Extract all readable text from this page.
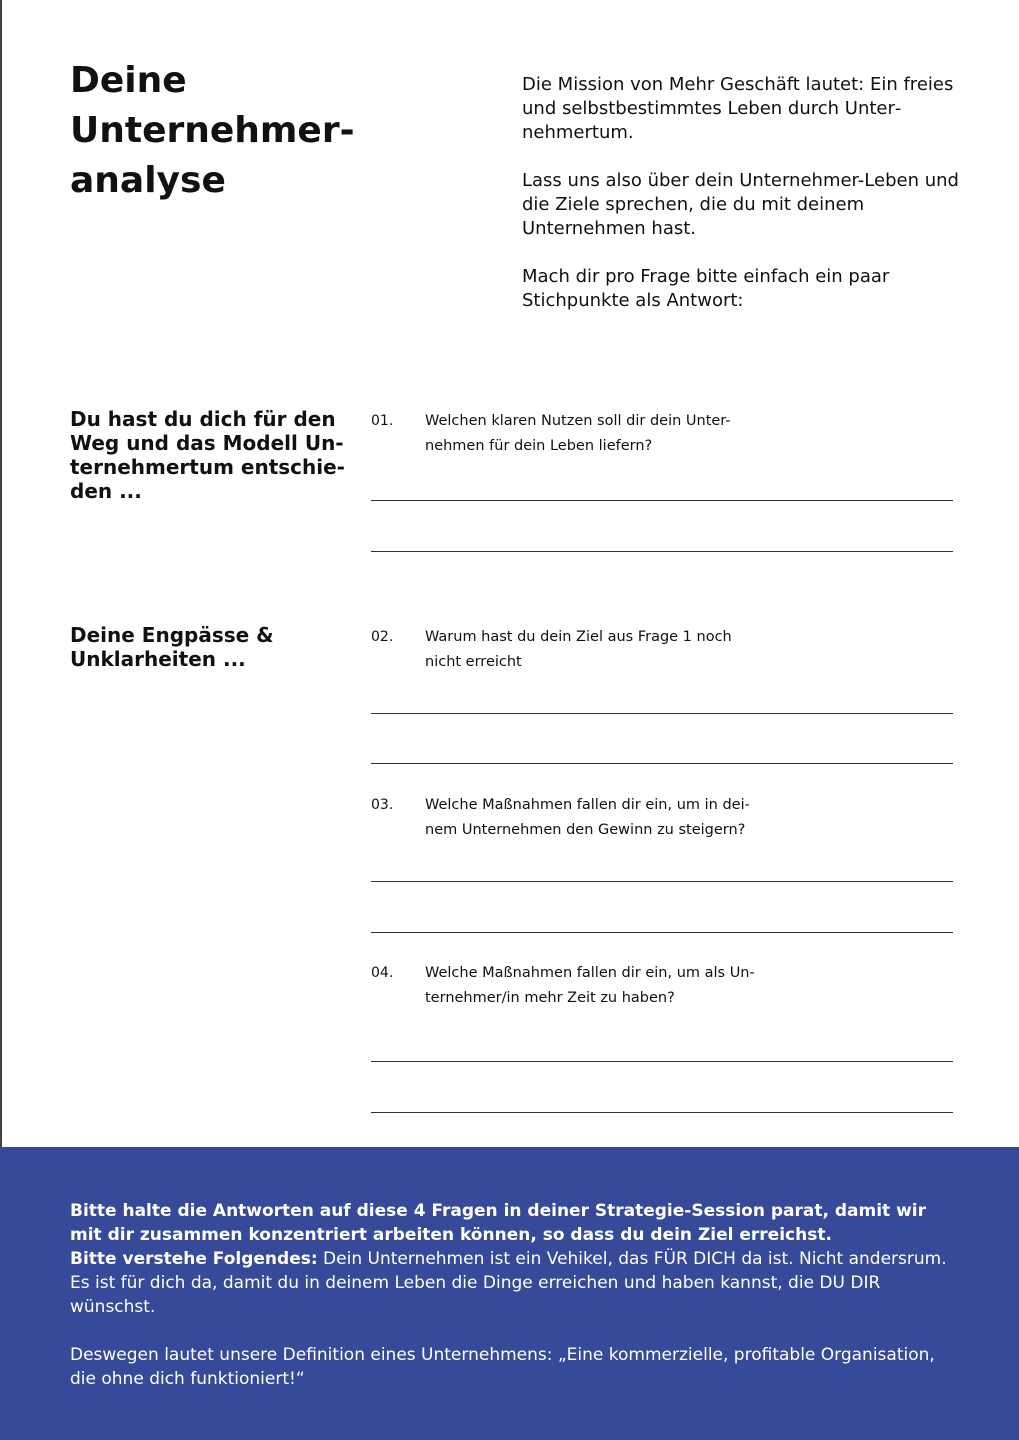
Deine
Unternehmer-
analyse

Die Mission von Mehr Geschäft lautet: Ein freies und selbstbestimmtes Leben durch Unternehmertum.

Lass uns also über dein Unternehmer-Leben und die Ziele sprechen, die du mit deinem Unternehmen hast.

Mach dir pro Frage bitte einfach ein paar Stichpunkte als Antwort:

Du hast du dich für den
Weg und das Modell Un-
ternehmertum entschie-
den ...
Deine Engpässe &
Unklarheiten ...
01. Welchen klaren Nutzen soll dir dein Unter-
nehmen für dein Leben liefern?
02. Warum hast du dein Ziel aus Frage 1 noch
nicht erreicht
03. Welche Maßnahmen fallen dir ein, um in dei-
nem Unternehmen den Gewinn zu steigern?
04. Welche Maßnahmen fallen dir ein, um als Un-
ternehmer/in mehr Zeit zu haben?

Bitte halte die Antworten auf diese 4 Fragen in deiner Strategie-Session parat, damit wir mit dir zusammen konzentriert arbeiten können, so dass du dein Ziel erreichst.

Bitte verstehe Folgendes: Dein Unternehmen ist ein Vehikel, das FÜR DICH da ist. Nicht andersrum. Es ist für dich da, damit du in deinem Leben die Dinge erreichen und haben kannst, die DU DIR wünschst.

Deswegen lautet unsere Definition eines Unternehmens: „Eine kommerzielle, profitable Organisation, die ohne dich funktioniert!“
